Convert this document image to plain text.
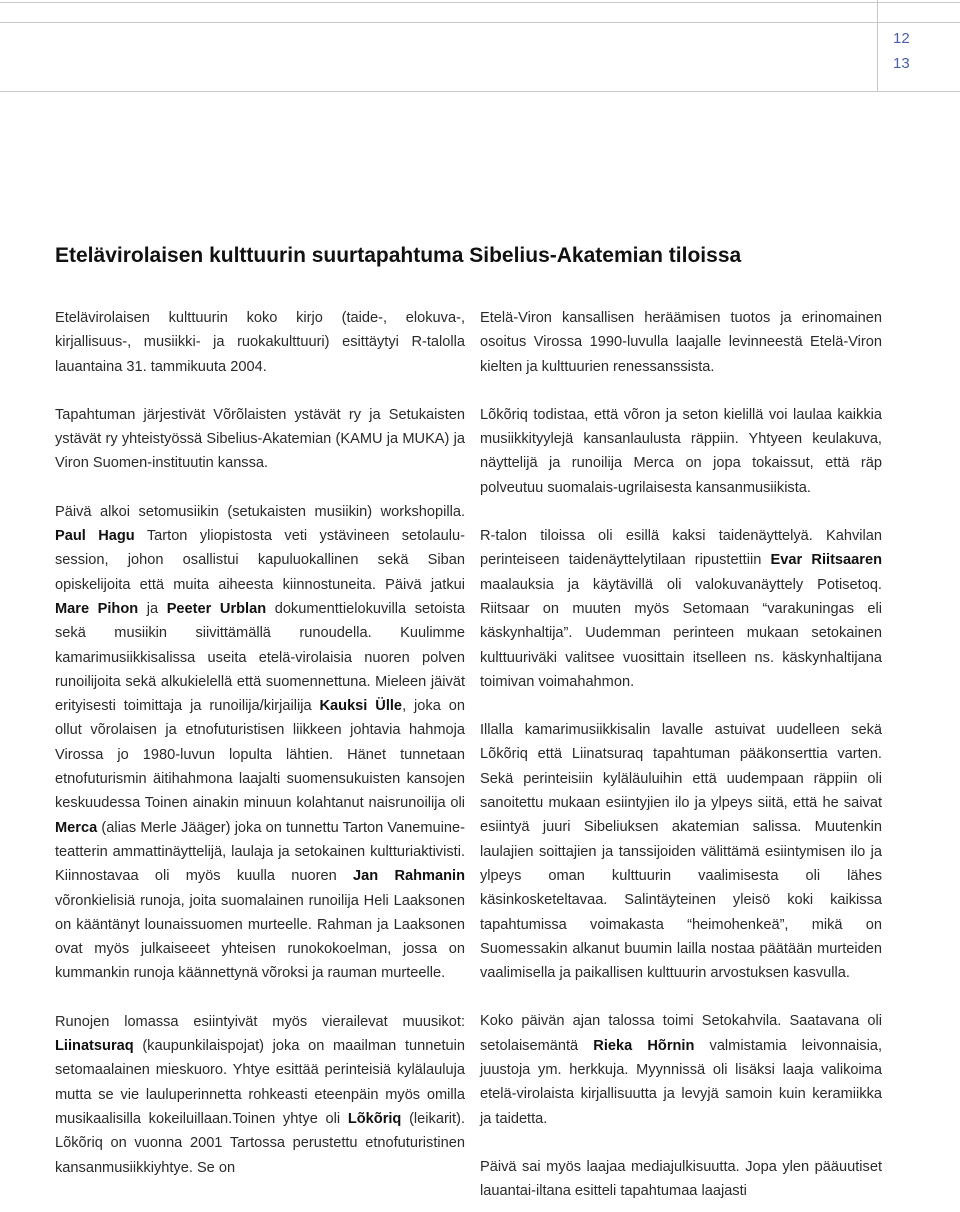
12
13
Etelävirolaisen kulttuurin suurtapahtuma Sibelius-Akatemian tiloissa

Etelävirolaisen kulttuurin koko kirjo (taide-, elokuva-, kirjallisuus-, musiikki- ja ruokakulttuuri) esittäytyi R-talolla lauantaina 31. tammikuuta 2004.

Tapahtuman järjestivät Võrõlaisten ystävät ry ja Setukaisten ystävät ry yhteistyössä Sibelius-Akatemian (KAMU ja MUKA) ja Viron Suomen-instituutin kanssa.

Päivä alkoi setomusiikin (setukaisten musiikin) workshopilla. Paul Hagu Tarton yliopistosta veti ystävineen setolaulu-session, johon osallistui kapuluokallinen sekä Siban opiskelijoita että muita aiheesta kiinnostuneita. Päivä jatkui Mare Pihon ja Peeter Urblan dokumenttielokuvilla setoista sekä musiikin siivittämällä runoudella. Kuulimme kamarimusiikkisalissa useita etelä-virolaisia nuoren polven runoilijoita sekä alkukielellä että suomennettuna. Mieleen jäivät erityisesti toimittaja ja runoilija/kirjailija Kauksi Ülle, joka on ollut võrolaisen ja etnofuturistisen liikkeen johtavia hahmoja Virossa jo 1980-luvun lopulta lähtien. Hänet tunnetaan etnofuturismin äitihahmona laajalti suomensukuisten kansojen keskuudessa Toinen ainakin minuun kolahtanut naisrunoilija oli Merca (alias Merle Jääger) joka on tunnettu Tarton Vanemuine-teatterin ammattinäyttelijä, laulaja ja setokainen kultturiaktivisti. Kiinnostavaa oli myös kuulla nuoren Jan Rahmanin võronkielisiä runoja, joita suomalainen runoilija Heli Laaksonen on kääntänyt lounaissuomen murteelle. Rahman ja Laaksonen ovat myös julkaiseeet yhteisen runokokoelman, jossa on kummankin runoja käännettynä võroksi ja rauman murteelle.

Runojen lomassa esiintyivät myös vierailevat muusikot: Liinatsuraq (kaupunkilaispojat) joka on maailman tunnetuin setomaalainen mieskuoro. Yhtye esittää perinteisiä kylälauluja mutta se vie lauluperinnetta rohkeasti eteenpäin myös omilla musikaalisilla kokeiluillaan.Toinen yhtye oli Lõkõriq (leikarit). Lõkõriq on vuonna 2001 Tartossa perustettu etnofuturistinen kansanmusiikkiyhtye. Se on

Etelä-Viron kansallisen heräämisen tuotos ja erinomainen osoitus Virossa 1990-luvulla laajalle levinneestä Etelä-Viron kielten ja kulttuurien renessanssista.

Lõkõriq todistaa, että võron ja seton kielillä voi laulaa kaikkia musiikkityylejä kansanlaulusta räppiin. Yhtyeen keulakuva, näyttelijä ja runoilija Merca on jopa tokaissut, että räp polveutuu suomalais-ugrilaisesta kansanmusiikista.

R-talon tiloissa oli esillä kaksi taidenäyttelyä. Kahvilan perinteiseen taidenäyttelytilaan ripustettiin Evar Riitsaaren maalauksia ja käytävillä oli valokuvanäyttely Potisetoq. Riitsaar on muuten myös Setomaan “varakuningas eli käskynhaltija”. Uudemman perinteen mukaan setokainen kulttuuriväki valitsee vuosittain itselleen ns. käskynhaltijana toimivan voimahahmon.

Illalla kamarimusiikkisalin lavalle astuivat uudelleen sekä Lõkõriq että Liinatsuraq tapahtuman pääkonserttia varten. Sekä perinteisiin kyläläuluihin että uudempaan räppiin oli sanoitettu mukaan esiintyjien ilo ja ylpeys siitä, että he saivat esiintyä juuri Sibeliuksen akatemian salissa. Muutenkin laulajien soittajien ja tanssijoiden välittämä esiintymisen ilo ja ylpeys oman kulttuurin vaalimisesta oli lähes käsinkosketeltavaa. Salintäyteinen yleisö koki kaikissa tapahtumissa voimakasta “heimohenkeä”, mikä on Suomessakin alkanut buumin lailla nostaa päätään murteiden vaalimisella ja paikallisen kulttuurin arvostuksen kasvulla.

Koko päivän ajan talossa toimi Setokahvila. Saatavana oli setolaisemäntä Rieka Hõrnin valmistamia leivonnaisia, juustoja ym. herkkuja. Myynnissä oli lisäksi laaja valikoima etelä-virolaista kirjallisuutta ja levyjä samoin kuin keramiikka ja taidetta.

Päivä sai myös laajaa mediajulkisuutta. Jopa ylen pääuutiset lauantai-iltana esitteli tapahtumaa laajasti
